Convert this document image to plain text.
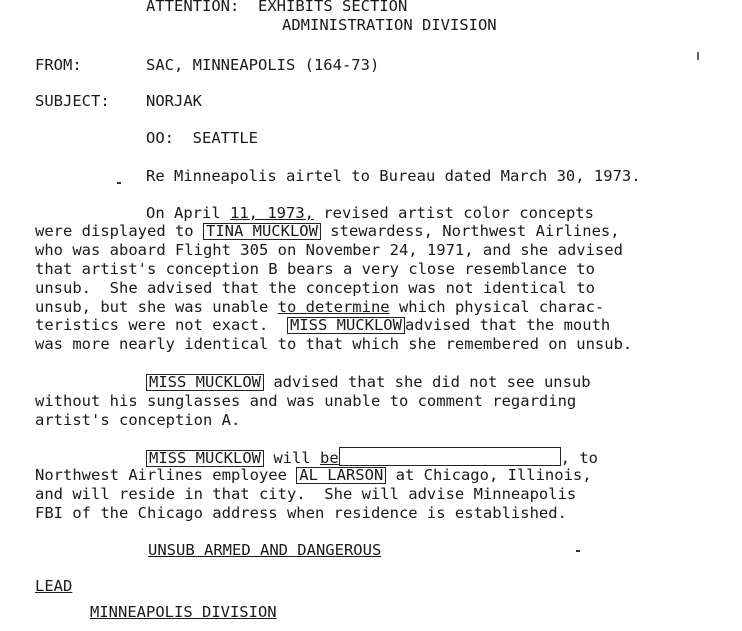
ATTENTION: EXHIBITS SECTION
ADMINISTRATION DIVISION
FROM:	SAC, MINNEAPOLIS (164-73)
SUBJECT: NORJAK
OO: SEATTLE
Re Minneapolis airtel to Bureau dated March 30, 1973.
On April 11, 1973, revised artist color concepts
were displayed to TINA MUCKLOW stewardess, Northwest Airlines,
who was aboard Flight 305 on November 24, 1971, and she advised
that artist's conception B bears a very close resemblance to
unsub.  She advised that the conception was not identical to
unsub, but she was unable to determine which physical charac-
teristics were not exact.  MISS MUCKLOW advised that the mouth
was more nearly identical to that which she remembered on unsub.
MISS MUCKLOW advised that she did not see unsub
without his sunglasses and was unable to comment regarding
artist's conception A.
MISS MUCKLOW will be	, to
Northwest Airlines employee AL LARSON at Chicago, Illinois,
and will reside in that city.  She will advise Minneapolis
FBI of the Chicago address when residence is established.
UNSUB ARMED AND DANGEROUS
LEAD
MINNEAPOLIS DIVISION
